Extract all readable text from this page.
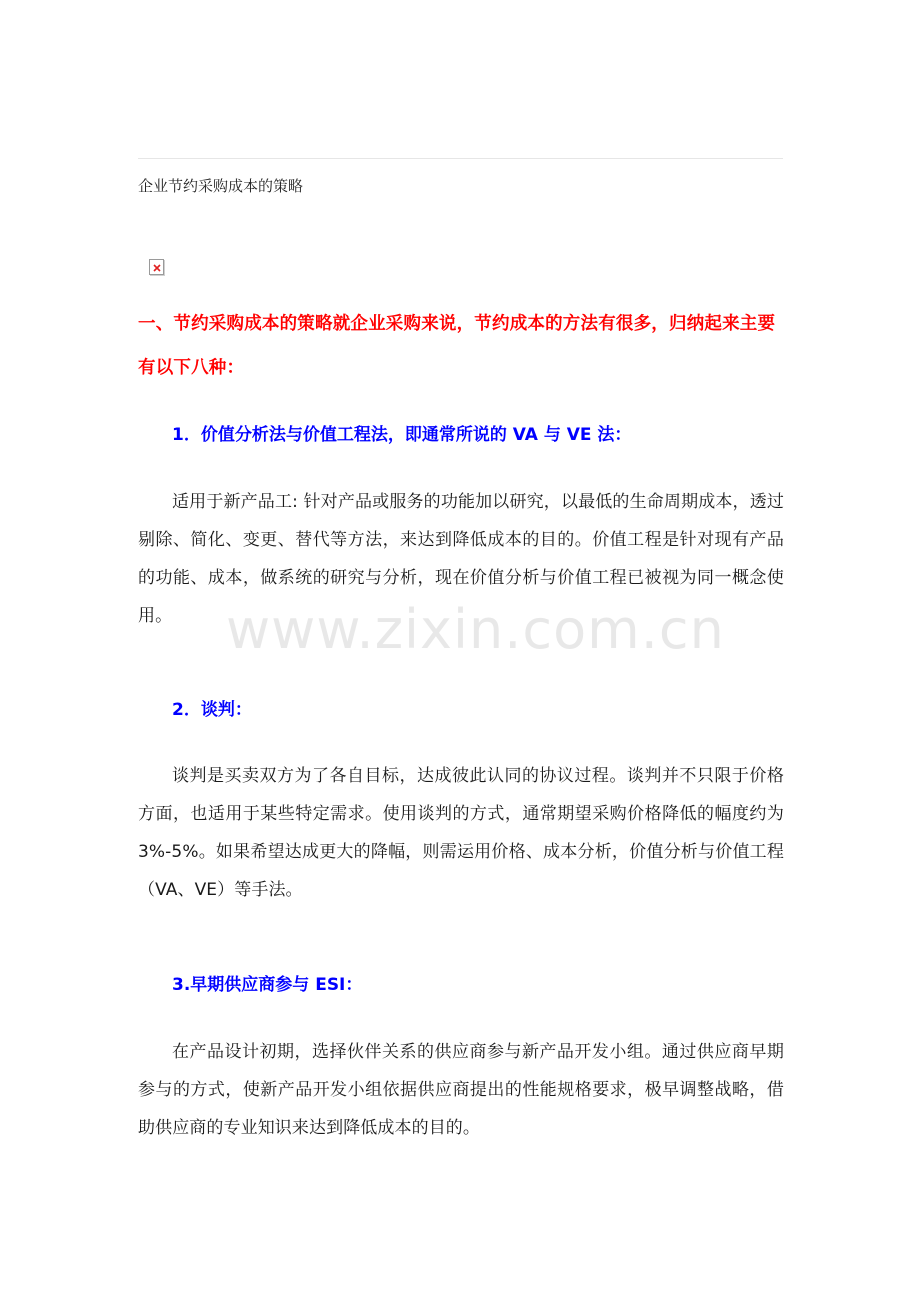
企业节约采购成本的策略
www.zixin.com.cn
一、节约采购成本的策略就企业采购来说，节约成本的方法有很多，归纳起来主要有以下八种：
1．价值分析法与价值工程法，即通常所说的 VA 与 VE 法：
适用于新产品工: 针对产品或服务的功能加以研究，以最低的生命周期成本，透过剔除、简化、变更、替代等方法，来达到降低成本的目的。价值工程是针对现有产品的功能、成本，做系统的研究与分析，现在价值分析与价值工程已被视为同一概念使用。
2．谈判：
谈判是买卖双方为了各自目标，达成彼此认同的协议过程。谈判并不只限于价格方面，也适用于某些特定需求。使用谈判的方式，通常期望采购价格降低的幅度约为 3%-5%。如果希望达成更大的降幅，则需运用价格、成本分析，价值分析与价值工程（VA、VE）等手法。
3.早期供应商参与 ESI：
在产品设计初期，选择伙伴关系的供应商参与新产品开发小组。通过供应商早期参与的方式，使新产品开发小组依据供应商提出的性能规格要求，极早调整战略，借助供应商的专业知识来达到降低成本的目的。
